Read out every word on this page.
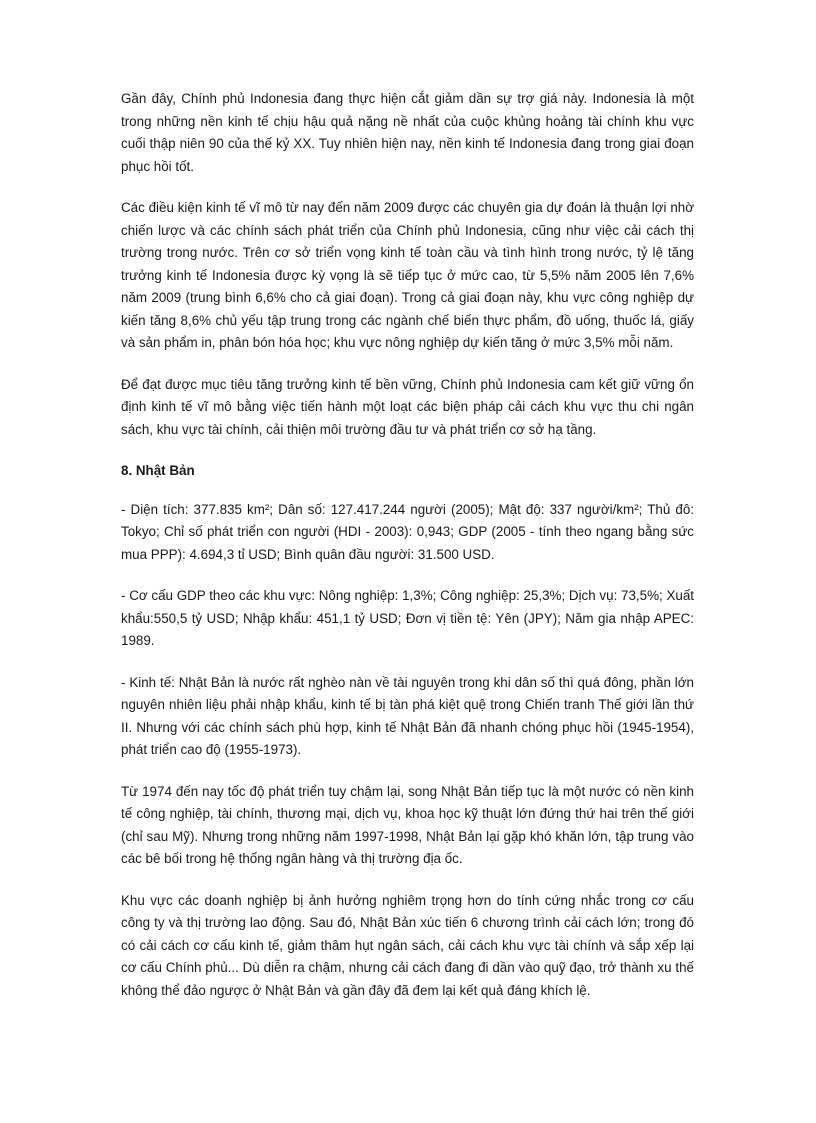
Gần đây, Chính phủ Indonesia đang thực hiện cắt giảm dần sự trợ giá này. Indonesia là một trong những nền kinh tế chịu hậu quả nặng nề nhất của cuộc khủng hoảng tài chính khu vực cuối thập niên 90 của thế kỷ XX. Tuy nhiên hiện nay, nền kinh tế Indonesia đang trong giai đoạn phục hồi tốt.

Các điều kiện kinh tế vĩ mô từ nay đến năm 2009 được các chuyên gia dự đoán là thuận lợi nhờ chiến lược và các chính sách phát triển của Chính phủ Indonesia, cũng như việc cải cách thị trường trong nước. Trên cơ sở triển vọng kinh tế toàn cầu và tình hình trong nước, tỷ lệ tăng trưởng kinh tế Indonesia được kỳ vọng là sẽ tiếp tục ở mức cao, từ 5,5% năm 2005 lên 7,6% năm 2009 (trung bình 6,6% cho cả giai đoạn). Trong cả giai đoạn này, khu vực công nghiệp dự kiến tăng 8,6% chủ yếu tập trung trong các ngành chế biến thực phẩm, đồ uống, thuốc lá, giấy và sản phẩm in, phân bón hóa học; khu vực nông nghiệp dự kiến tăng ở mức 3,5% mỗi năm.

Để đạt được mục tiêu tăng trưởng kinh tế bền vững, Chính phủ Indonesia cam kết giữ vững ổn định kinh tế vĩ mô bằng việc tiến hành một loạt các biện pháp cải cách khu vực thu chi ngân sách, khu vực tài chính, cải thiện môi trường đầu tư và phát triển cơ sở hạ tầng.

8. Nhật Bản

- Diện tích: 377.835 km²; Dân số: 127.417.244 người (2005); Mật độ: 337 người/km²; Thủ đô: Tokyo; Chỉ số phát triển con người (HDI - 2003): 0,943; GDP (2005 - tính theo ngang bằng sức mua PPP): 4.694,3 tỉ USD; Bình quân đầu người: 31.500 USD.

- Cơ cấu GDP theo các khu vực: Nông nghiệp: 1,3%; Công nghiệp: 25,3%; Dịch vụ: 73,5%; Xuất khẩu:550,5 tỷ USD; Nhập khẩu: 451,1 tỷ USD; Đơn vị tiền tệ: Yên (JPY); Năm gia nhập APEC: 1989.

- Kinh tế: Nhật Bản là nước rất nghèo nàn về tài nguyên trong khi dân số thì quá đông, phần lớn nguyên nhiên liệu phải nhập khẩu, kinh tế bị tàn phá kiệt quệ trong Chiến tranh Thế giới lần thứ II. Nhưng với các chính sách phù hợp, kinh tế Nhật Bản đã nhanh chóng phục hồi (1945-1954), phát triển cao độ (1955-1973).

Từ 1974 đến nay tốc độ phát triển tuy chậm lại, song Nhật Bản tiếp tục là một nước có nền kinh tế công nghiệp, tài chính, thương mại, dịch vụ, khoa học kỹ thuật lớn đứng thứ hai trên thế giới (chỉ sau Mỹ). Nhưng trong những năm 1997-1998, Nhật Bản lại gặp khó khăn lớn, tập trung vào các bê bối trong hệ thống ngân hàng và thị trường địa ốc.

Khu vực các doanh nghiệp bị ảnh hưởng nghiêm trọng hơn do tính cứng nhắc trong cơ cấu công ty và thị trường lao động. Sau đó, Nhật Bản xúc tiến 6 chương trình cải cách lớn; trong đó có cải cách cơ cấu kinh tế, giảm thâm hụt ngân sách, cải cách khu vực tài chính và sắp xếp lại cơ cấu Chính phủ... Dù diễn ra chậm, nhưng cải cách đang đi dần vào quỹ đạo, trở thành xu thế không thể đảo ngược ở Nhật Bản và gần đây đã đem lại kết quả đáng khích lệ.
